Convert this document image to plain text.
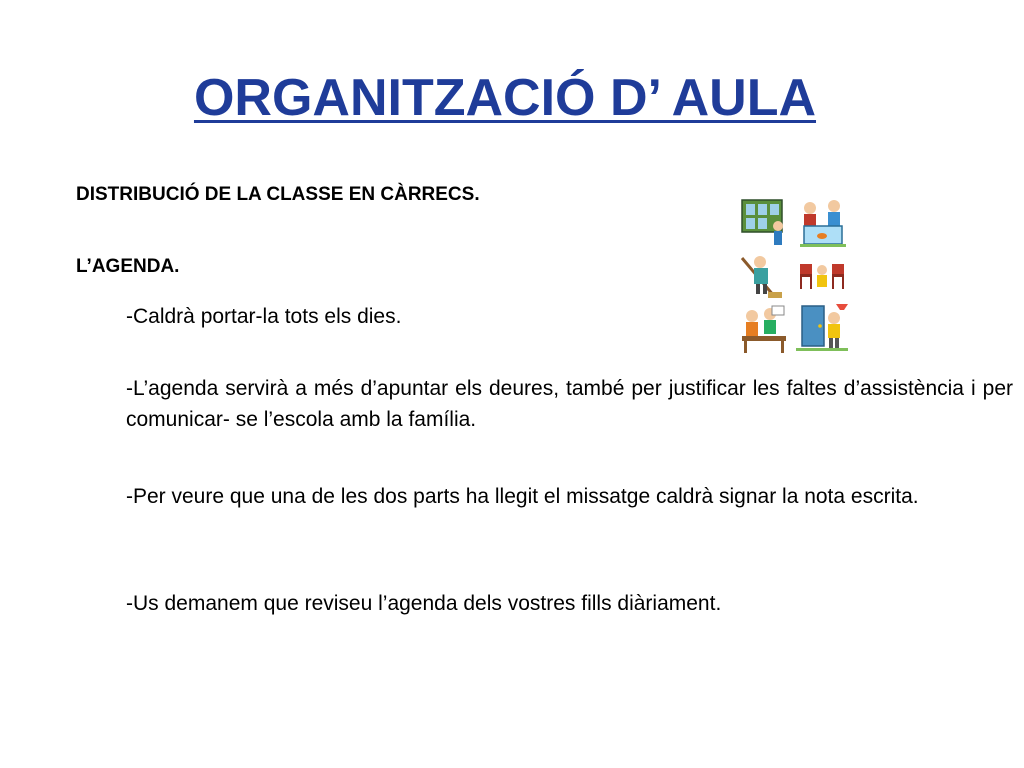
ORGANITZACIÓ D’ AULA

DISTRIBUCIÓ DE LA CLASSE EN CÀRRECS.

L’AGENDA.

-Caldrà portar-la tots els dies.

-L’agenda servirà a més d’apuntar els deures, també per justificar les faltes d’assistència i per comunicar- se l’escola amb la família.

-Per veure que una de les dos parts ha llegit el missatge caldrà signar la nota escrita.

-Us demanem que reviseu l’agenda dels vostres fills diàriament.
